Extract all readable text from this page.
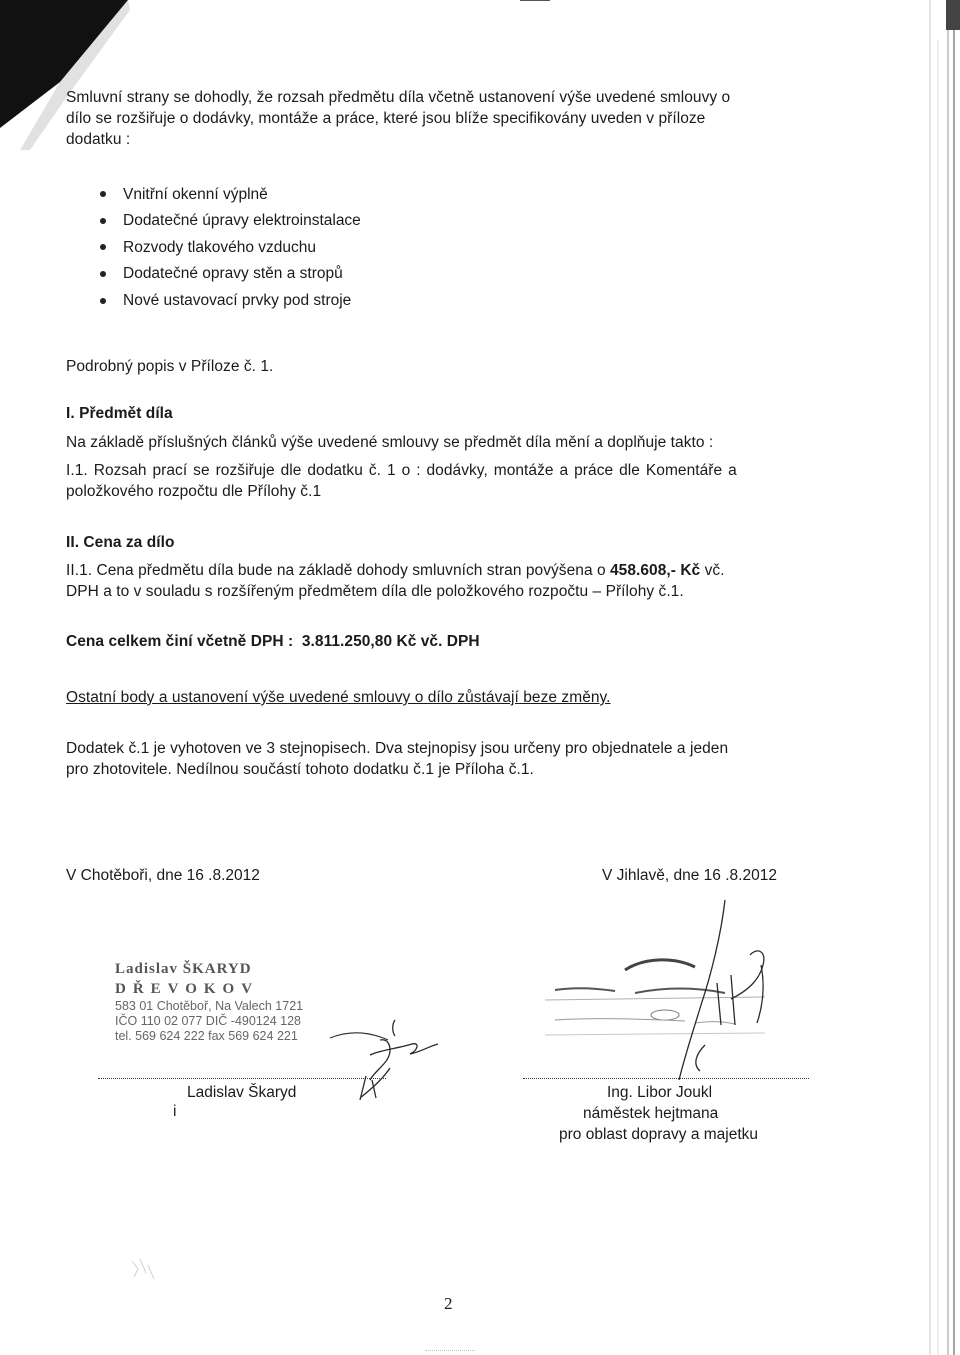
Smluvní strany se dohodly, že rozsah předmětu díla včetně ustanovení výše uvedené smlouvy o
dílo se rozšiřuje o dodávky, montáže a práce, které jsou blíže specifikovány uveden v příloze
dodatku :
Vnitřní okenní výplně
Dodatečné úpravy elektroinstalace
Rozvody tlakového vzduchu
Dodatečné opravy stěn a stropů
Nové ustavovací prvky pod stroje
Podrobný popis v Příloze č. 1.
I. Předmět díla
Na základě příslušných článků výše uvedené smlouvy se předmět díla mění a doplňuje takto :
I.1. Rozsah prací se rozšiřuje dle dodatku č. 1 o : dodávky, montáže a práce dle Komentáře a
položkového rozpočtu dle Přílohy č.1
II. Cena za dílo
II.1. Cena předmětu díla bude na základě dohody smluvních stran povýšena o 458.608,- Kč vč.
DPH a to v souladu s rozšířeným předmětem díla dle položkového rozpočtu – Přílohy č.1.
Cena celkem činí včetně DPH : 3.811.250,80 Kč vč. DPH
Ostatní body a ustanovení výše uvedené smlouvy o dílo zůstávají beze změny.
Dodatek č.1 je vyhotoven ve 3 stejnopisech. Dva stejnopisy jsou určeny pro objednatele a jeden
pro zhotovitele. Nedílnou součástí tohoto dodatku č.1 je Příloha č.1.
V Chotěboři, dne 16 .8.2012	V Jihlavě, dne 16 .8.2012
Ladislav ŠKARYD
DŘEVOKOV
583 01 Chotěboř, Na Valech 1721
IČO 110 02 077 DIČ -490124 128
tel. 569 624 222 fax 569 624 221
Ladislav Škaryd
i
Ing. Libor Joukl
náměstek hejtmana
pro oblast dopravy a majetku
2
